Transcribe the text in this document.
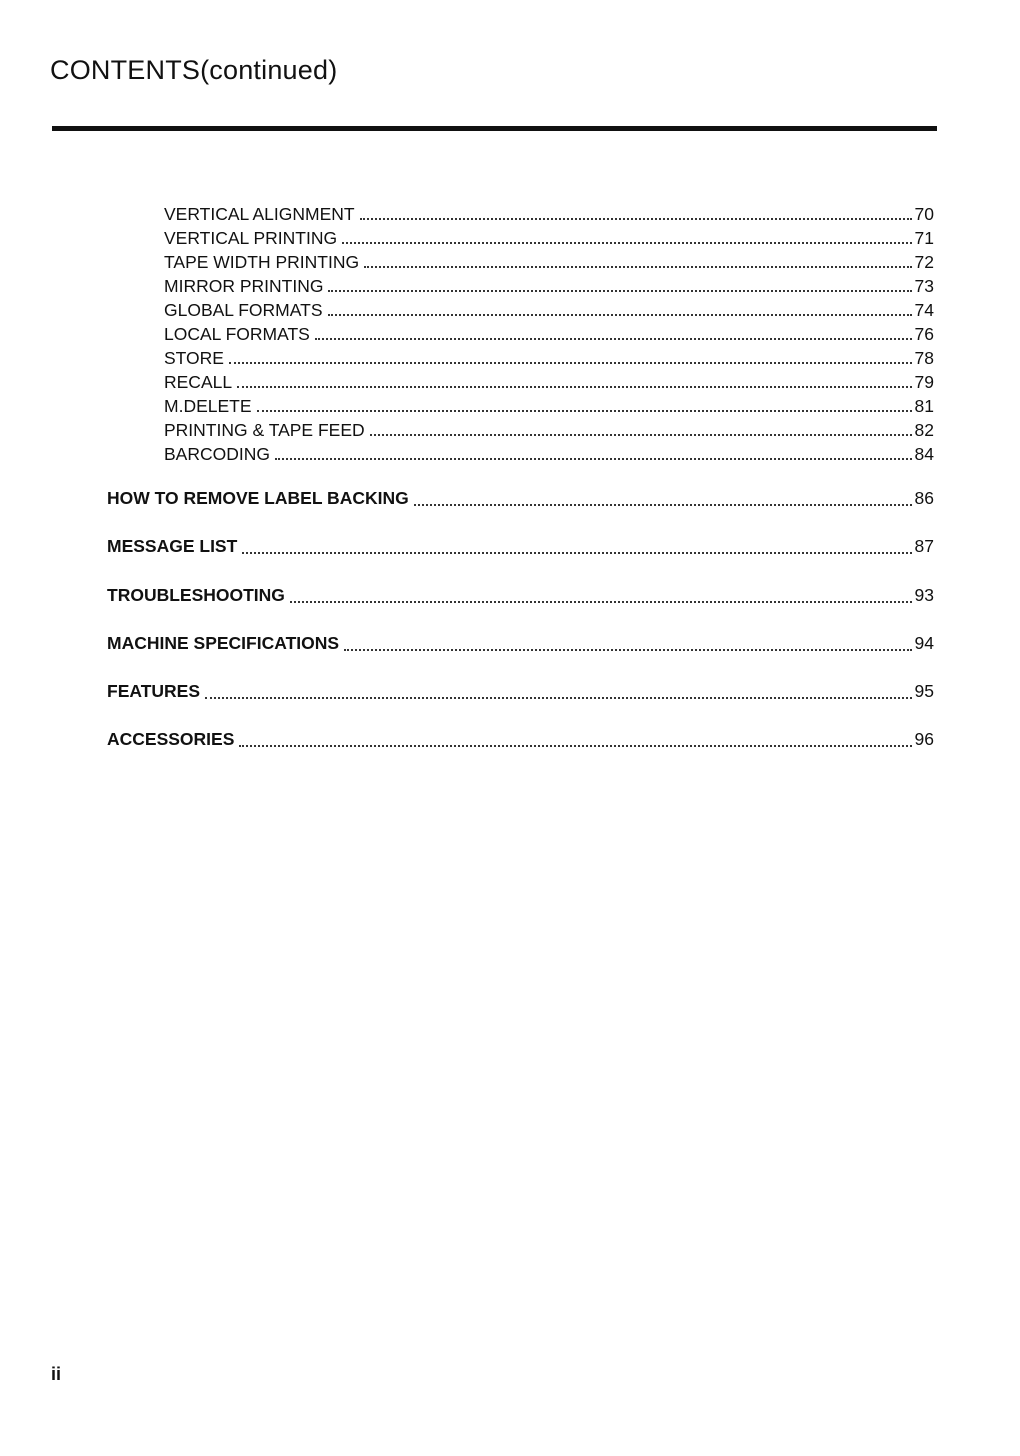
CONTENTS(continued)
VERTICAL ALIGNMENT	70
VERTICAL PRINTING	71
TAPE WIDTH PRINTING	72
MIRROR PRINTING	73
GLOBAL FORMATS	74
LOCAL FORMATS	76
STORE	78
RECALL	79
M.DELETE	81
PRINTING & TAPE FEED	82
BARCODING	84
HOW TO REMOVE LABEL BACKING	86
MESSAGE LIST	87
TROUBLESHOOTING	93
MACHINE SPECIFICATIONS	94
FEATURES	95
ACCESSORIES	96
ii
